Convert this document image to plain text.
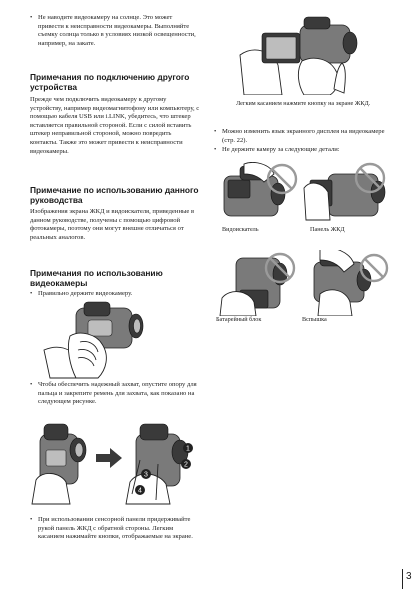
• Не наводите видеокамеру на солнце. Это может привести к неисправности видеокамеры. Выполняйте съемку солнца только в условиях низкой освещенности, например, на закате.

Примечания по подключению другого устройства

Прежде чем подключить видеокамеру к другому устройству, например видеомагнитофону или компьютеру, с помощью кабеля USB или i.LINK, убедитесь, что штекер вставляется правильной стороной. Если с силой вставить штекер неправильной стороной, можно повредить контакты. Также это может привести к неисправности видеокамеры.

Примечание по использованию данного руководства

Изображения экрана ЖКД и видоискателя, приведенные в данном руководстве, получены с помощью цифровой фотокамеры, поэтому они могут внешне отличаться от реальных аналогов.

Примечания по использованию видеокамеры

• Правильно держите видеокамеру.

• Чтобы обеспечить надежный захват, опустите опору для пальца и закрепите ремень для захвата, как показано на следующем рисунке.

1
2
3
4

• При использовании сенсорной панели придерживайте рукой панель ЖКД с обратной стороны. Легким касанием нажимайте кнопки, отображаемые на экране.

Легким касанием нажмите кнопку на экране ЖКД.

• Можно изменить язык экранного дисплея на видеокамере (стр. 22).

• Не держите камеру за следующие детали:

Видоискатель	Панель ЖКД
Батарейный блок	Вспышка
3
